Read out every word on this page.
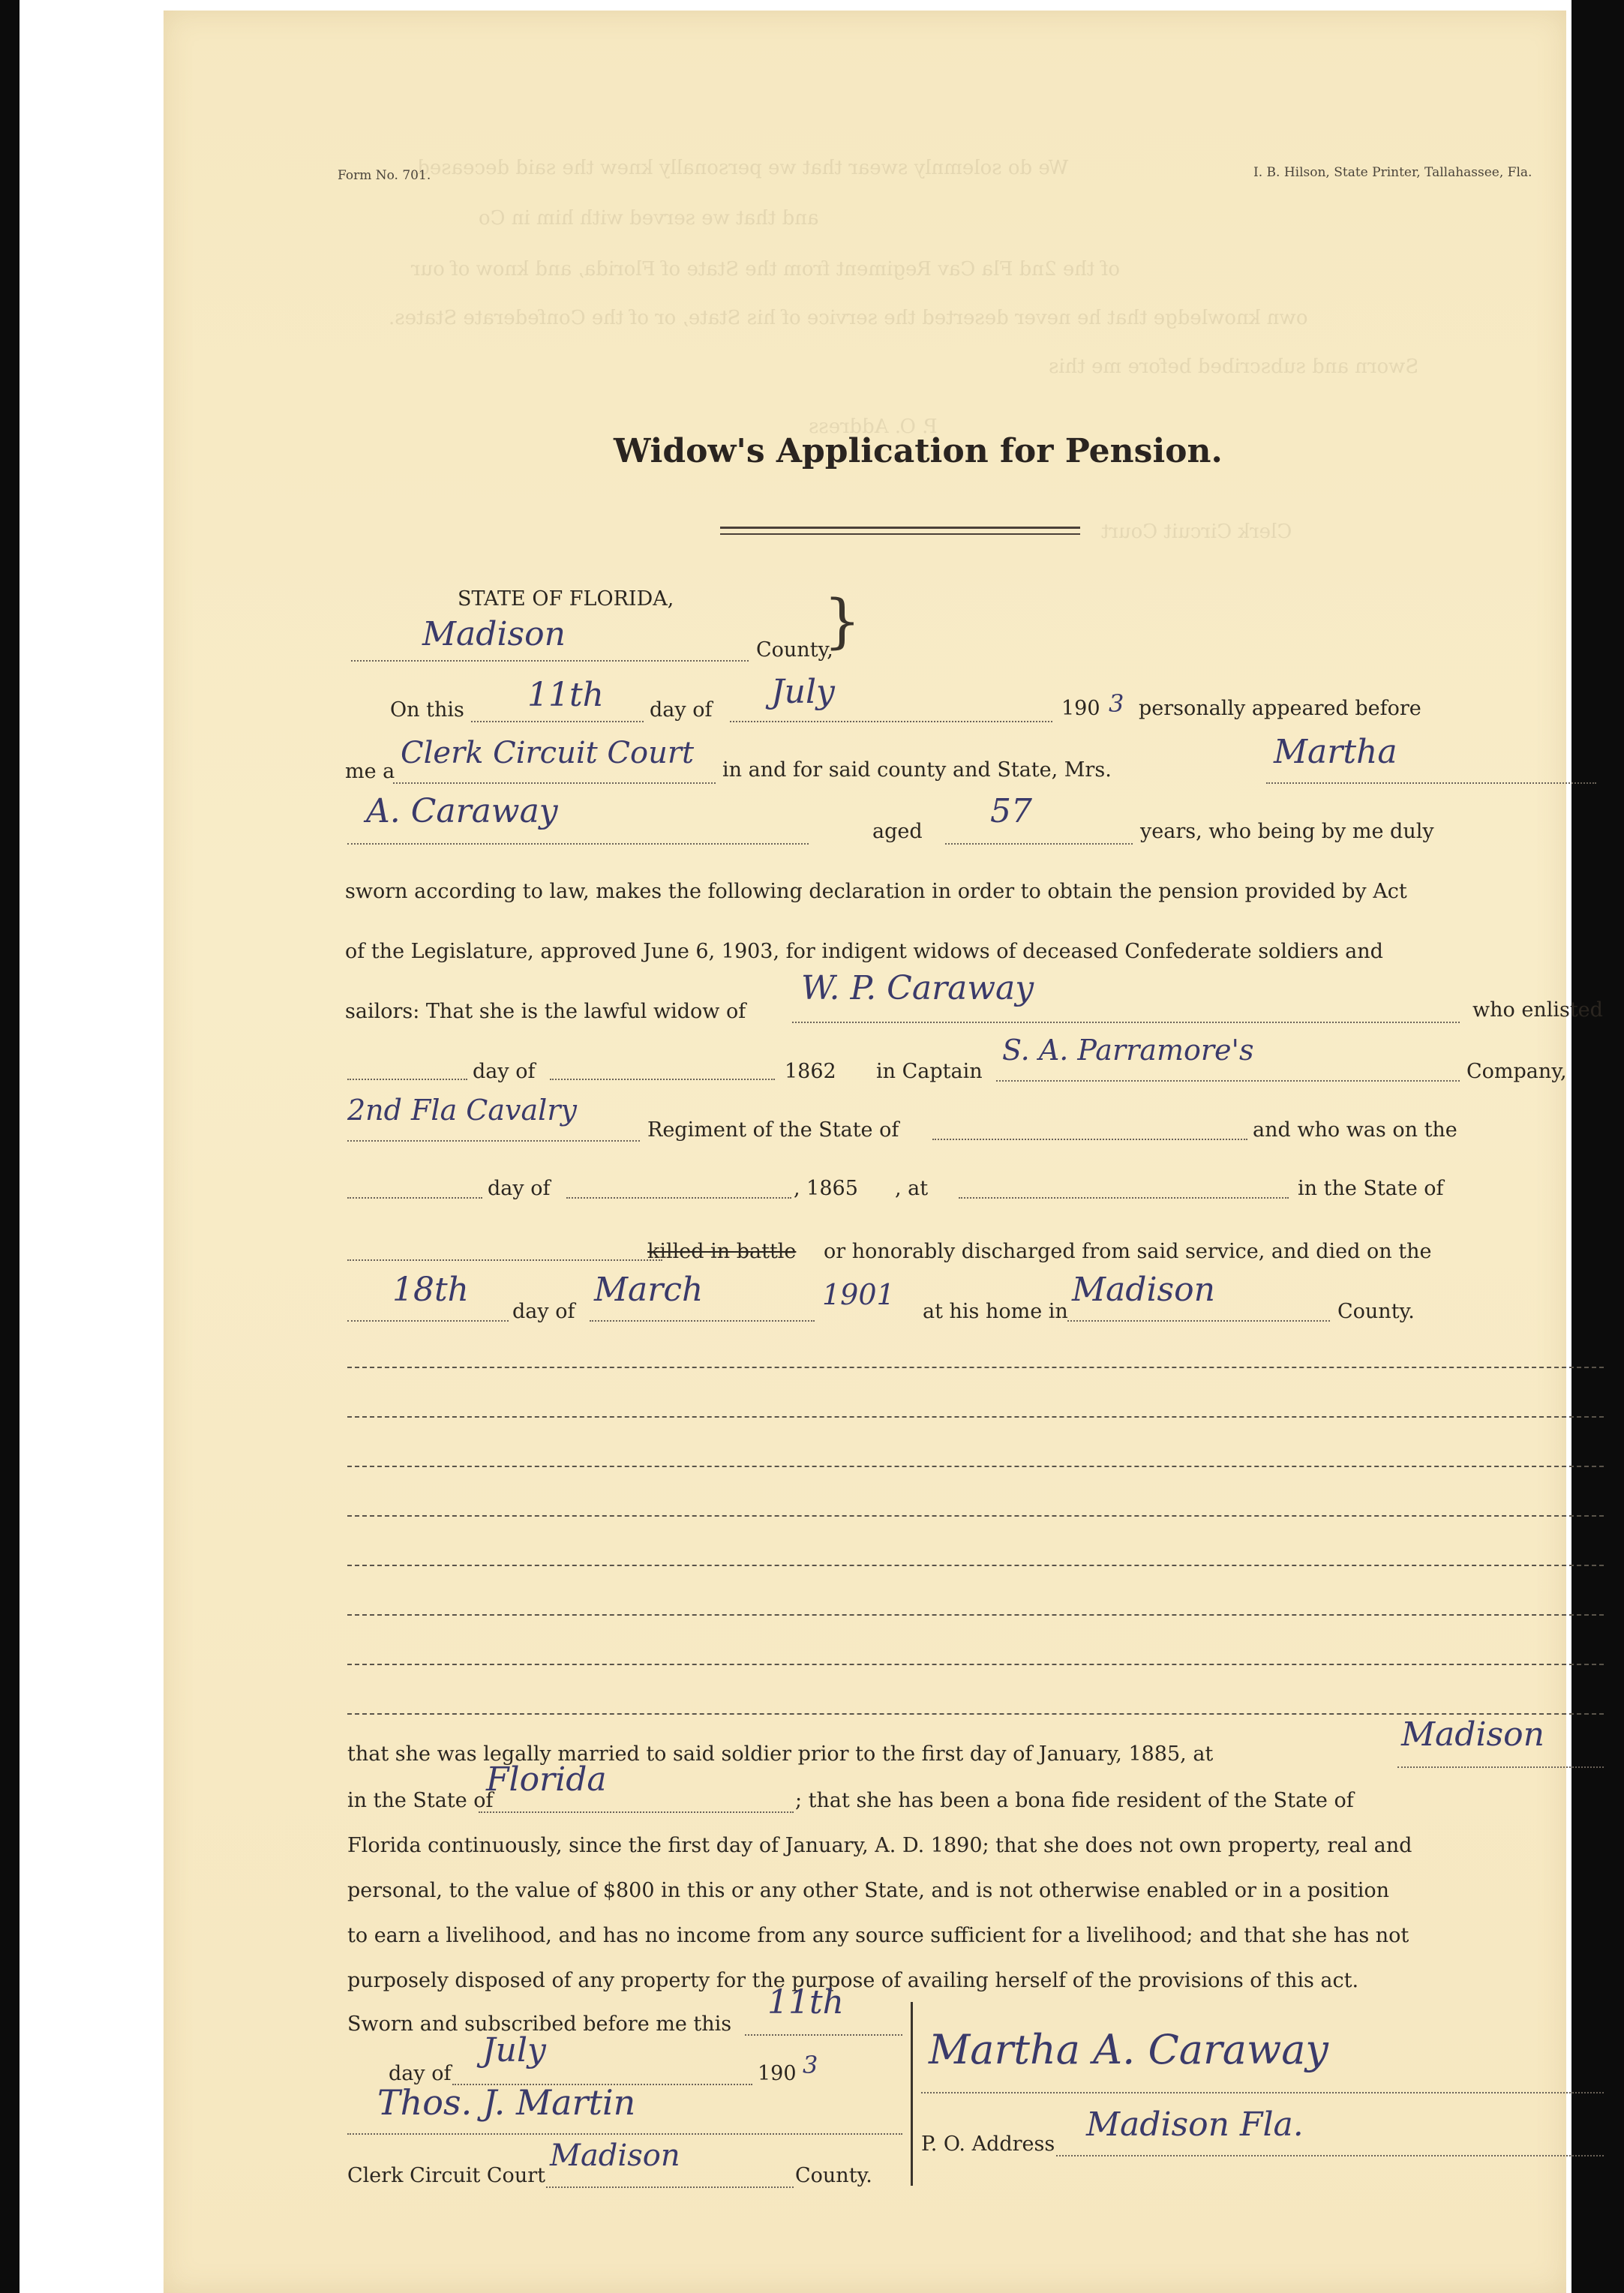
We do solemnly swear that we personally knew the said deceased,
and that we served with him in Co
of the 2nd Fla Cav Regiment from the State of Florida, and know of our
own knowledge that he never deserted the service of his State, or of the Confederate States.
Sworn and subscribed before me this
P. O. Address
Clerk Circuit Court
Form No. 701.	I. B. Hilson, State Printer, Tallahassee, Fla.
Widow's Application for Pension.
STATE OF FLORIDA,
Madison	County,
}
On this 11th day of July	190 3 personally appeared before
me a
Clerk Circuit Court in and for said county and State, Mrs.	Martha
A. Caraway
aged
57
years, who being by me duly
sworn according to law, makes the following declaration in order to obtain the pension provided by Act
of the Legislature, approved June 6, 1903, for indigent widows of deceased Confederate soldiers and
sailors: That she is the lawful widow of
W. P. Caraway
who enlisted
day of	1862 in Captain
S. A. Parramore's
Company,
2nd Fla Cavalry
Regiment of the State of	and who was on the
day of	, 1865 , at	in the State of
killed in battle or honorably discharged from said service, and died on the
18th
day of
March	1901
at his home in
Madison
County.
that she was legally married to said soldier prior to the first day of January, 1885, at
Madison
in the State of
Florida
; that she has been a bona fide resident of the State of
Florida continuously, since the first day of January, A. D. 1890; that she does not own property, real and
personal, to the value of $800 in this or any other State, and is not otherwise enabled or in a position
to earn a livelihood, and has no income from any source sufficient for a livelihood; and that she has not
purposely disposed of any property for the purpose of availing herself of the provisions of this act.
Sworn and subscribed before me this
11th
day of
July
190 3
Thos. J. Martin
Clerk Circuit Court
Madison
County.
Martha A. Caraway
P. O. Address
Madison Fla.
